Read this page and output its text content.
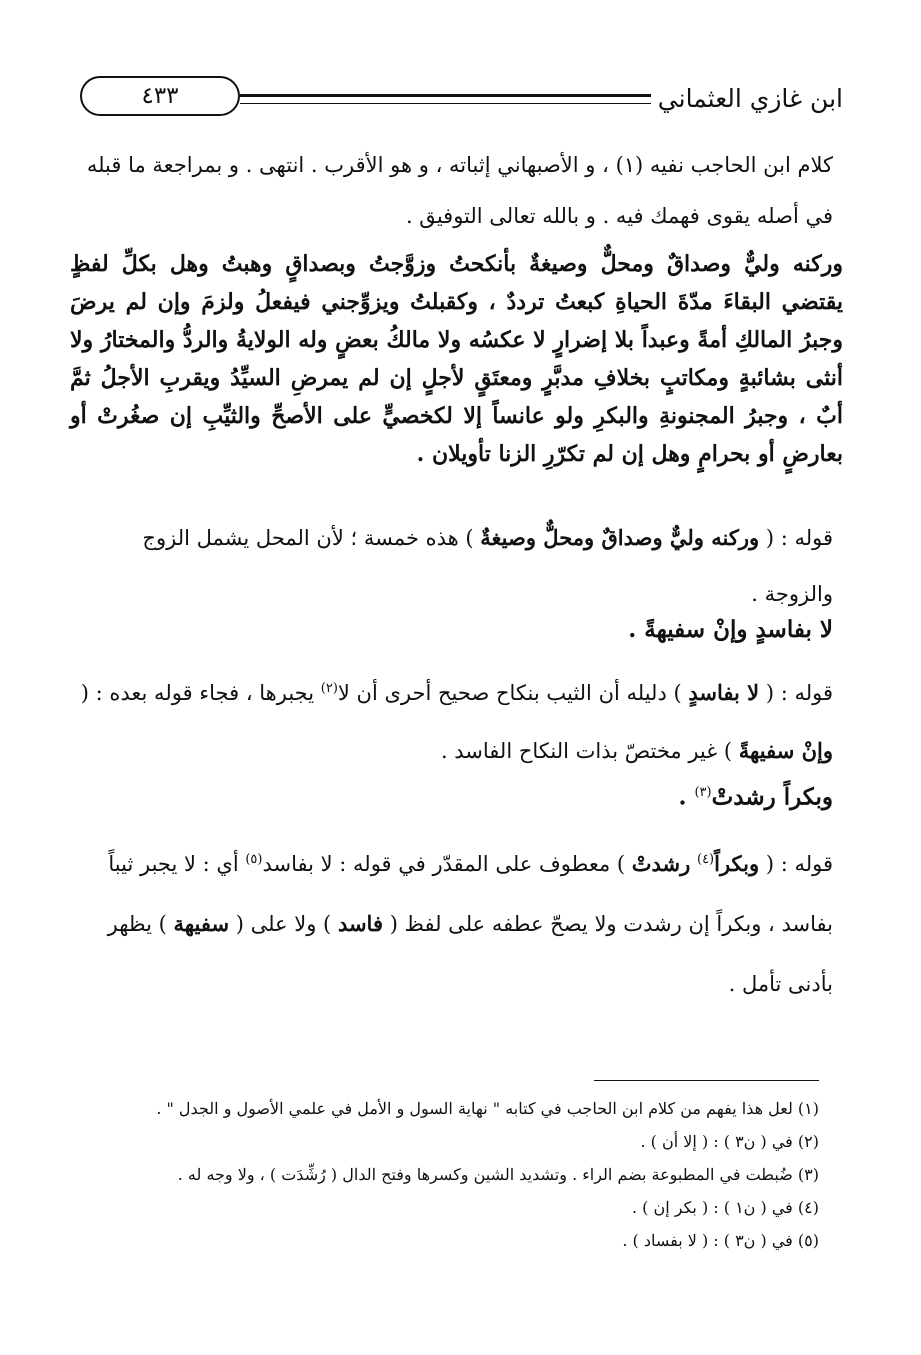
ابن غازي العثماني
٤٣٣
كلام ابن الحاجب نفيه (١) ، و الأصبهاني إثباته ، و هو الأقرب . انتهى . و بمراجعة ما قبله
في أصله يقوى فهمك فيه . و بالله تعالى التوفيق .
وركنه وليٌّ وصداقٌ ومحلٌّ وصيغةٌ بأنكحتُ وزوَّجتُ وبصداقٍ وهبتُ وهل بكلِّ لفظٍ يقتضي البقاءَ مدّةَ الحياةِ كبعتُ ترددٌ ، وكقبلتُ ويزوِّجني فيفعلُ ولزمَ وإن لم يرضَ وجبرُ المالكِ أمةً وعبداً بلا إضرارٍ لا عكسُه ولا مالكُ بعضٍ وله الولايةُ والردُّ والمختارُ ولا أنثى بشائبةٍ ومكاتبٍ بخلافِ مدبَّرٍ ومعتَقٍ لأجلٍ إن لم يمرضِ السيِّدُ ويقربِ الأجلُ ثمَّ أبٌ ، وجبرُ المجنونةِ والبكرِ ولو عانساً إلا لكخصيٍّ على الأصحِّ والثيِّبِ إن صغُرتْ أو بعارضٍ أو بحرامٍ وهل إن لم تكرّرِ الزنا تأويلان .
قوله : ( وركنه وليٌّ وصداقٌ ومحلٌّ وصيغةٌ ) هذه خمسة ؛ لأن المحل يشمل الزوج والزوجة .
لا بفاسدٍ وإنْ سفيهةً .
قوله : ( لا بفاسدٍ ) دليله أن الثيب بنكاح صحيح أحرى أن لا$^{(٢)}$ يجبرها ، فجاء قوله بعده : ( وإنْ سفيهةً ) غير مختصّ بذات النكاح الفاسد .
وبكراً رشدتْ$^{(٣)}$ .
قوله : ( وبكراً$^{(٤)}$ رشدتْ ) معطوف على المقدّر في قوله : لا بفاسد$^{(٥)}$ أي : لا يجبر ثيباً بفاسد ، وبكراً إن رشدت ولا يصحّ عطفه على لفظ ( فاسد ) ولا على ( سفيهة ) يظهر بأدنى تأمل .
(١) لعل هذا يفهم من كلام ابن الحاجب في كتابه " نهاية السول و الأمل في علمي الأصول و الجدل " .
(٢) في ( ن٣ ) : ( إلا أن ) .
(٣) ضُبطت في المطبوعة بضم الراء . وتشديد الشين وكسرها وفتح الدال ( رُشِّدَت ) ، ولا وجه له .
(٤) في ( ن١ ) : ( بكر إن ) .
(٥) في ( ن٣ ) : ( لا بفساد ) .
